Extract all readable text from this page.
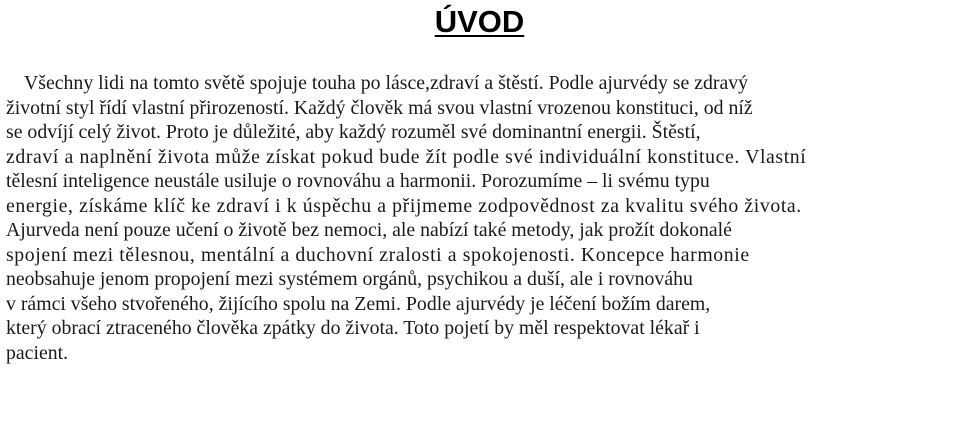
ÚVOD
Všechny lidi na tomto světě spojuje touha po lásce,zdraví a štěstí. Podle ajurvédy se zdravý
životní styl řídí vlastní přirozeností. Každý člověk má svou vlastní vrozenou konstituci, od níž
se odvíjí celý život. Proto je důležité, aby každý rozuměl své dominantní energii. Štěstí,
zdraví a naplnění života může získat pokud bude žít podle své individuální konstituce. Vlastní
tělesní inteligence neustále usiluje o rovnováhu a harmonii. Porozumíme – li svému typu
energie, získáme klíč ke zdraví i k úspěchu a přijmeme zodpovědnost za kvalitu svého života.
Ajurveda není pouze učení o životě bez nemoci, ale nabízí také metody, jak prožít dokonalé
spojení mezi tělesnou, mentální a duchovní zralosti a spokojenosti. Koncepce harmonie
neobsahuje jenom propojení mezi systémem orgánů, psychikou a duší, ale i rovnováhu
v rámci všeho stvořeného, žijícího spolu na Zemi. Podle ajurvédy je léčení božím darem,
který obrací ztraceného člověka zpátky do života. Toto pojetí by měl respektovat lékař i
pacient.
